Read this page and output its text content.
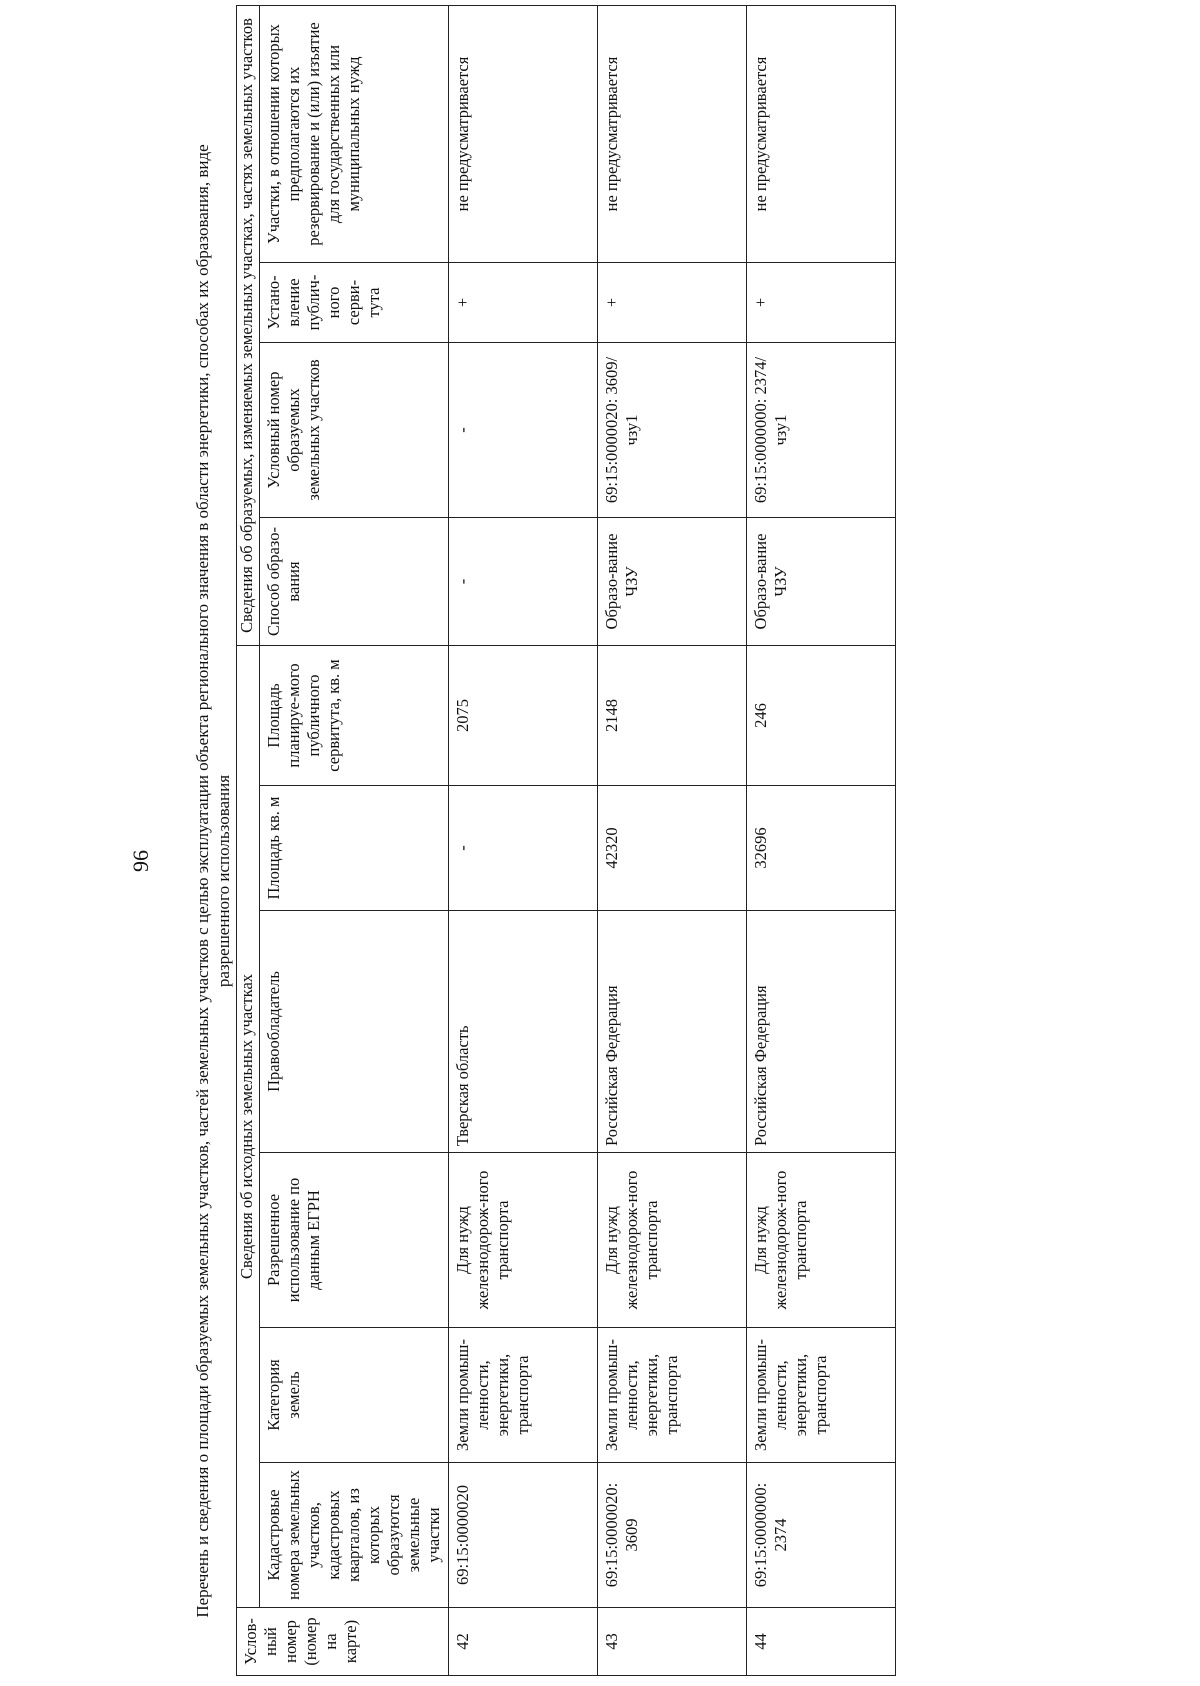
96 Перечень и сведения о площади образуемых земельных участков, частей земельных участков с целью эксплуатации объекта регионального значения в области энергетики, способах их образования, виде разрешенного использования
Услов-ный номер (номер на карте)	Сведения об исходных земельных участках						Сведения об образуемых, изменяемых земельных участках, частях земельных участков			
	Кадастровые номера земельных участков, кадастровых кварталов, из которых образуются земельные участки	Категория земель	Разрешенное использование по данным ЕГРН	Правообладатель	Площадь кв. м	Площадь планируе-мого публичного сервитута, кв. м	Способ образо-вания	Условный номер образуемых земельных участков	Устано-вление публич-ного серви-тута	Участки, в отношении которых предполагаются их резервирование и (или) изъятие для государственных или муниципальных нужд
42	69:15:0000020	Земли промыш-ленности, энергетики, транспорта	Для нужд железнодорож-ного транспорта	Тверская область	-	2075	-	-	+	не предусматривается
43	69:15:0000020: 3609	Земли промыш-ленности, энергетики, транспорта	Для нужд железнодорож-ного транспорта	Российская Федерация	42320	2148	Образо-вание ЧЗУ	69:15:0000020: 3609/чзу1	+	не предусматривается
44	69:15:0000000: 2374	Земли промыш-ленности, энергетики, транспорта	Для нужд железнодорож-ного транспорта	Российская Федерация	32696	246	Образо-вание ЧЗУ	69:15:0000000: 2374/чзу1	+	не предусматривается
